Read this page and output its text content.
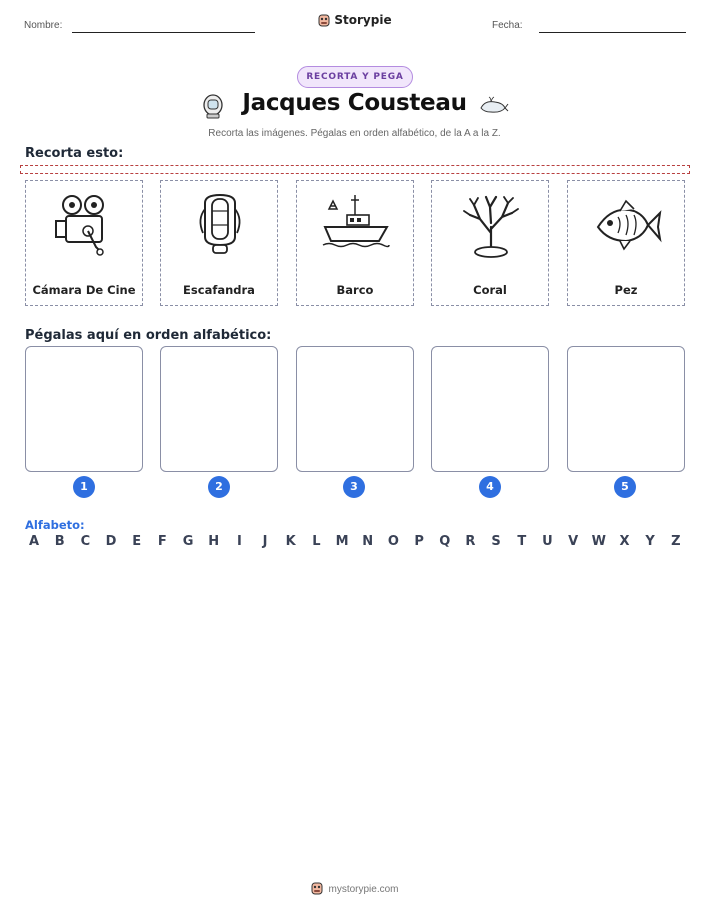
Nombre:	Storypie	Fecha:
RECORTA Y PEGA
Jacques Cousteau
Recorta las imágenes. Pégalas en orden alfabético, de la A a la Z.
Recorta esto:
Cámara De Cine	Escafandra	Barco	Coral	Pez
Pégalas aquí en orden alfabético:
1	2	3	4	5
Alfabeto:
A	B	C	D	E	F	G H	I	J	K	L	M N O	P	Q	R	S	T	U	V	W	X	Y	Z
mystorypie.com
